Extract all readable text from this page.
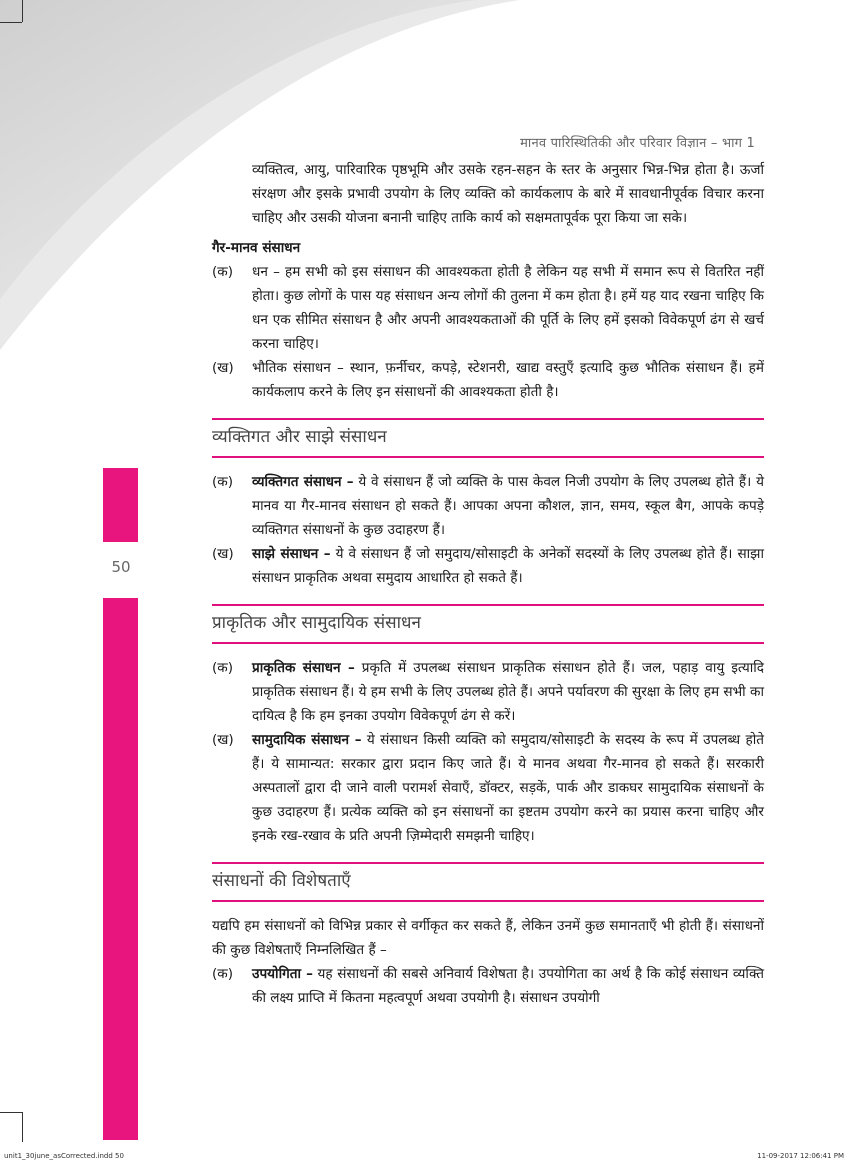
मानव पारिस्थितिकी और परिवार विज्ञान – भाग 1
50

व्यक्तित्व, आयु, पारिवारिक पृष्ठभूमि और उसके रहन-सहन के स्तर के अनुसार भिन्न-भिन्न होता है। ऊर्जा संरक्षण और इसके प्रभावी उपयोग के लिए व्यक्ति को कार्यकलाप के बारे में सावधानीपूर्वक विचार करना चाहिए और उसकी योजना बनानी चाहिए ताकि कार्य को सक्षमतापूर्वक पूरा किया जा सके।

गैर-मानव संसाधन
(क)	धन – हम सभी को इस संसाधन की आवश्यकता होती है लेकिन यह सभी में समान रूप से वितरित नहीं होता। कुछ लोगों के पास यह संसाधन अन्य लोगों की तुलना में कम होता है। हमें यह याद रखना चाहिए कि धन एक सीमित संसाधन है और अपनी आवश्यकताओं की पूर्ति के लिए हमें इसको विवेकपूर्ण ढंग से खर्च करना चाहिए।
(ख)	भौतिक संसाधन – स्थान, फ़र्नीचर, कपड़े, स्टेशनरी, खाद्य वस्तुएँ इत्यादि कुछ भौतिक संसाधन हैं। हमें कार्यकलाप करने के लिए इन संसाधनों की आवश्यकता होती है।
व्यक्तिगत और साझे संसाधन
(क)	व्यक्तिगत संसाधन – ये वे संसाधन हैं जो व्यक्ति के पास केवल निजी उपयोग के लिए उपलब्ध होते हैं। ये मानव या गैर-मानव संसाधन हो सकते हैं। आपका अपना कौशल, ज्ञान, समय, स्कूल बैग, आपके कपड़े व्यक्तिगत संसाधनों के कुछ उदाहरण हैं।
(ख)	साझे संसाधन – ये वे संसाधन हैं जो समुदाय/सोसाइटी के अनेकों सदस्यों के लिए उपलब्ध होते हैं। साझा संसाधन प्राकृतिक अथवा समुदाय आधारित हो सकते हैं।
प्राकृतिक और सामुदायिक संसाधन
(क)	प्राकृतिक संसाधन – प्रकृति में उपलब्ध संसाधन प्राकृतिक संसाधन होते हैं। जल, पहाड़ वायु इत्यादि प्राकृतिक संसाधन हैं। ये हम सभी के लिए उपलब्ध होते हैं। अपने पर्यावरण की सुरक्षा के लिए हम सभी का दायित्व है कि हम इनका उपयोग विवेकपूर्ण ढंग से करें।
(ख)	सामुदायिक संसाधन – ये संसाधन किसी व्यक्ति को समुदाय/सोसाइटी के सदस्य के रूप में उपलब्ध होते हैं। ये सामान्यत: सरकार द्वारा प्रदान किए जाते हैं। ये मानव अथवा गैर-मानव हो सकते हैं। सरकारी अस्पतालों द्वारा दी जाने वाली परामर्श सेवाएँ, डॉक्टर, सड़कें, पार्क और डाकघर सामुदायिक संसाधनों के कुछ उदाहरण हैं। प्रत्येक व्यक्ति को इन संसाधनों का इष्टतम उपयोग करने का प्रयास करना चाहिए और इनके रख-रखाव के प्रति अपनी ज़िम्मेदारी समझनी चाहिए।
संसाधनों की विशेषताएँ

यद्यपि हम संसाधनों को विभिन्न प्रकार से वर्गीकृत कर सकते हैं, लेकिन उनमें कुछ समानताएँ भी होती हैं। संसाधनों की कुछ विशेषताएँ निम्नलिखित हैं –

(क)	उपयोगिता – यह संसाधनों की सबसे अनिवार्य विशेषता है। उपयोगिता का अर्थ है कि कोई संसाधन व्यक्ति की लक्ष्य प्राप्ति में कितना महत्वपूर्ण अथवा उपयोगी है। संसाधन उपयोगी
unit1_30june_asCorrected.indd 50	11-09-2017 12:06:41 PM
